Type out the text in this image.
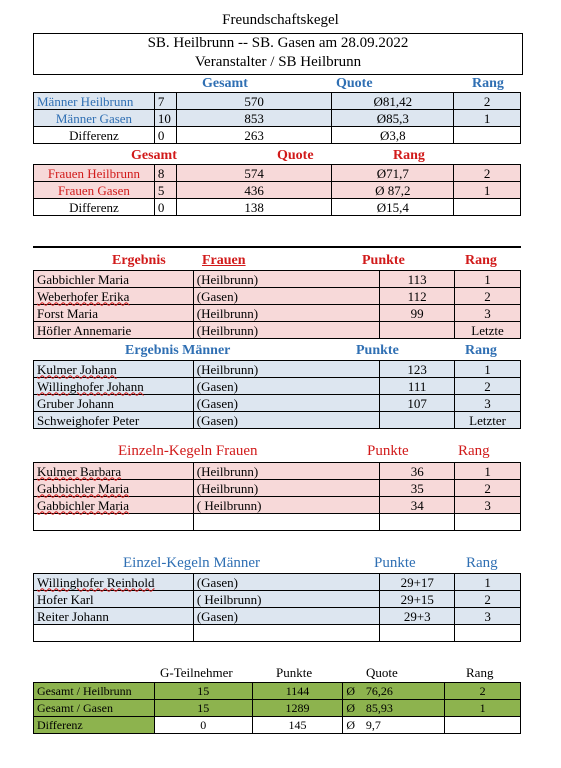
Freundschaftskegel
SB. Heilbrunn -- SB. Gasen am 28.09.2022
Veranstalter / SB Heilbrunn
Gesamt	Quote	Rang
Männer Heilbrunn	7	570	Ø81,42	2
Männer Gasen	10	853	Ø85,3	1
Differenz	0	263	Ø3,8	
Gesamt	Quote	Rang
Frauen Heilbrunn	8	574	Ø71,7	2
Frauen Gasen	5	436	Ø 87,2	1
Differenz	0	138	Ø15,4	
Ergebnis	Frauen	Punkte	Rang
Gabbichler Maria	(Heilbrunn)	113	1
Weberhofer Erika	(Gasen)	112	2
Forst Maria	(Heilbrunn)	99	3
Höfler Annemarie	(Heilbrunn)		Letzte
Ergebnis Männer	Punkte	Rang
Kulmer Johann	(Heilbrunn)	123	1
Willinghofer Johann	(Gasen)	111	2
Gruber Johann	(Gasen)	107	3
Schweighofer Peter	(Gasen)		Letzter
Einzeln-Kegeln Frauen	Punkte	Rang
Kulmer Barbara	(Heilbrunn)	36	1
Gabbichler Maria	(Heilbrunn)	35	2
Gabbichler Maria	( Heilbrunn)	34	3

Einzel-Kegeln Männer	Punkte	Rang
Willinghofer Reinhold	(Gasen)	29+17	1
Hofer Karl	( Heilbrunn)	29+15	2
Reiter Johann	(Gasen)	29+3	3

G-Teilnehmer	Punkte	Quote	Rang
Gesamt / Heilbrunn	15	1144	Ø	76,26	2
Gesamt / Gasen	15	1289	Ø	85,93	1
Differenz	0	145	Ø	9,7	
